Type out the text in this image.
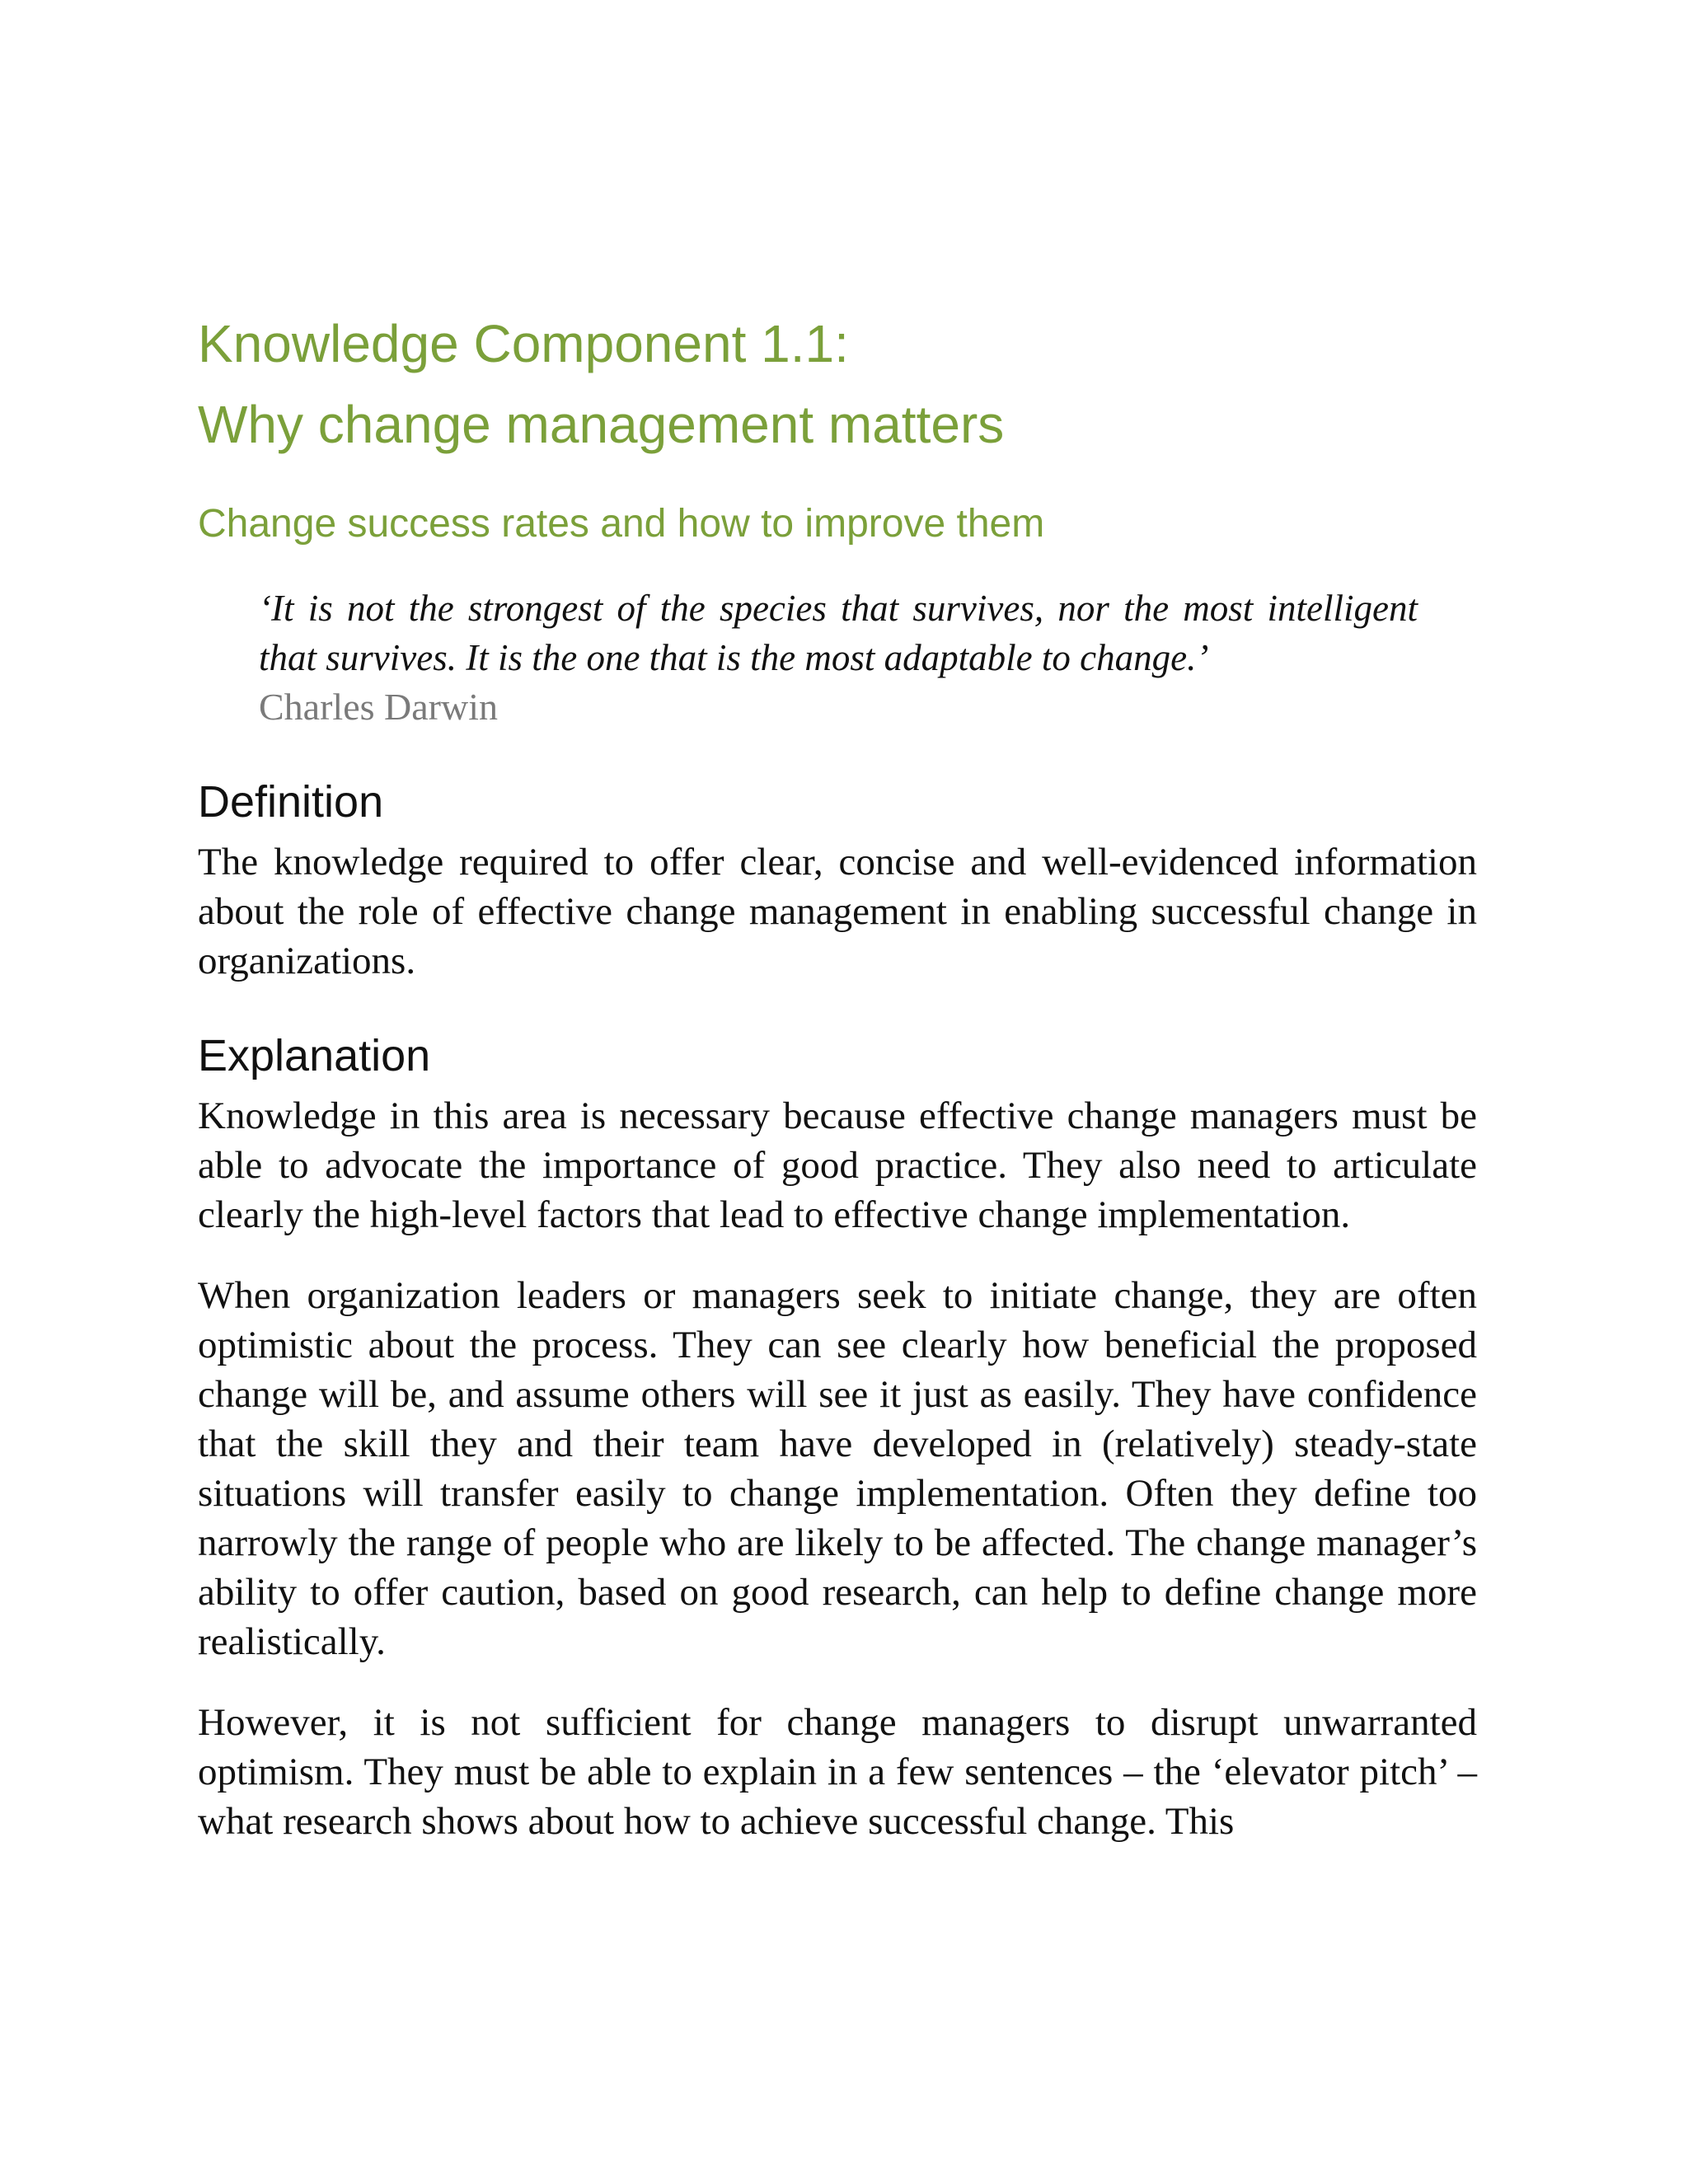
Knowledge Component 1.1:
Why change management matters
Change success rates and how to improve them

‘It is not the strongest of the species that survives, nor the most intelligent that survives. It is the one that is the most adaptable to change.’

Charles Darwin

Definition

The knowledge required to offer clear, concise and well-evidenced information about the role of effective change management in enabling successful change in organizations.

Explanation

Knowledge in this area is necessary because effective change managers must be able to advocate the importance of good practice. They also need to articulate clearly the high-level factors that lead to effective change implementation.

When organization leaders or managers seek to initiate change, they are often optimistic about the process. They can see clearly how beneficial the proposed change will be, and assume others will see it just as easily. They have confidence that the skill they and their team have developed in (relatively) steady-state situations will transfer easily to change implementation. Often they define too narrowly the range of people who are likely to be affected. The change manager’s ability to offer caution, based on good research, can help to define change more realistically.

However, it is not sufficient for change managers to disrupt unwarranted optimism. They must be able to explain in a few sentences – the ‘elevator pitch’ – what research shows about how to achieve successful change. This
